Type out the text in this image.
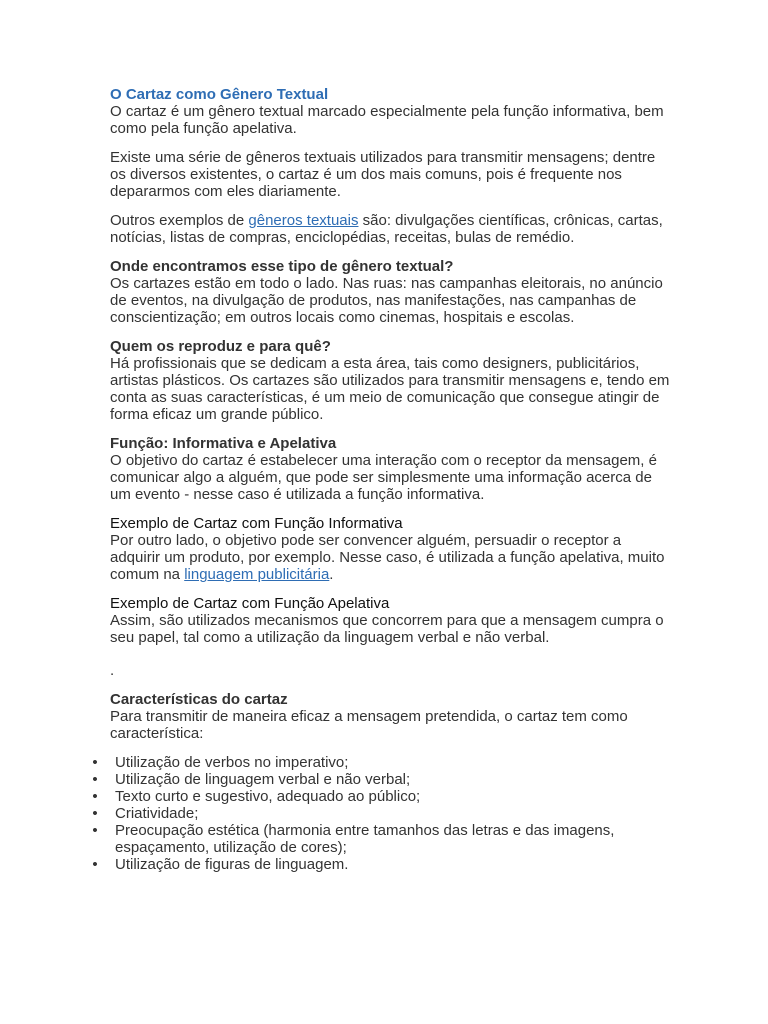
O Cartaz como Gênero Textual

O cartaz é um gênero textual marcado especialmente pela função informativa, bem como pela função apelativa.

Existe uma série de gêneros textuais utilizados para transmitir mensagens; dentre os diversos existentes, o cartaz é um dos mais comuns, pois é frequente nos depararmos com eles diariamente.

Outros exemplos de gêneros textuais são: divulgações científicas, crônicas, cartas, notícias, listas de compras, enciclopédias, receitas, bulas de remédio.

Onde encontramos esse tipo de gênero textual?

Os cartazes estão em todo o lado. Nas ruas: nas campanhas eleitorais, no anúncio de eventos, na divulgação de produtos, nas manifestações, nas campanhas de conscientização; em outros locais como cinemas, hospitais e escolas.

Quem os reproduz e para quê?

Há profissionais que se dedicam a esta área, tais como designers, publicitários, artistas plásticos. Os cartazes são utilizados para transmitir mensagens e, tendo em conta as suas características, é um meio de comunicação que consegue atingir de forma eficaz um grande público.

Função: Informativa e Apelativa

O objetivo do cartaz é estabelecer uma interação com o receptor da mensagem, é comunicar algo a alguém, que pode ser simplesmente uma informação acerca de um evento - nesse caso é utilizada a função informativa.

Exemplo de Cartaz com Função Informativa

Por outro lado, o objetivo pode ser convencer alguém, persuadir o receptor a adquirir um produto, por exemplo. Nesse caso, é utilizada a função apelativa, muito comum na linguagem publicitária.

Exemplo de Cartaz com Função Apelativa

Assim, são utilizados mecanismos que concorrem para que a mensagem cumpra o seu papel, tal como a utilização da linguagem verbal e não verbal.

.

Características do cartaz

Para transmitir de maneira eficaz a mensagem pretendida, o cartaz tem como característica:

• Utilização de verbos no imperativo;
• Utilização de linguagem verbal e não verbal;
• Texto curto e sugestivo, adequado ao público;
• Criatividade;
• Preocupação estética (harmonia entre tamanhos das letras e das imagens, espaçamento, utilização de cores);
• Utilização de figuras de linguagem.
